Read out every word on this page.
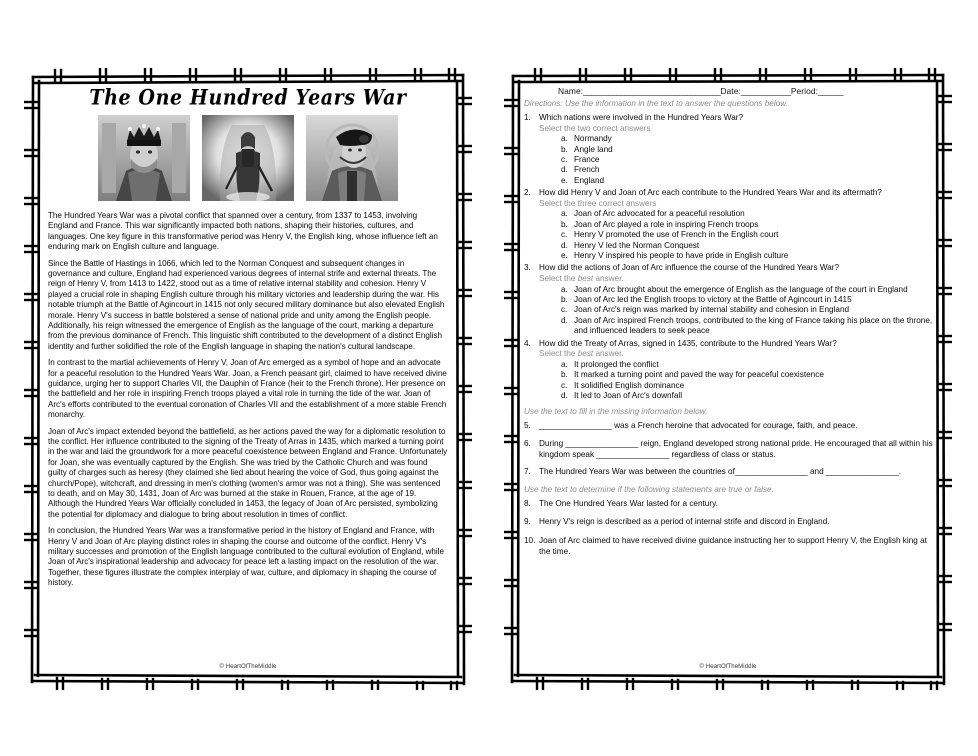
The One Hundred Years War

The Hundred Years War was a pivotal conflict that spanned over a century, from 1337 to 1453, involving England and France. This war significantly impacted both nations, shaping their histories, cultures, and languages. One key figure in this transformative period was Henry V, the English king, whose influence left an enduring mark on English culture and language.

Since the Battle of Hastings in 1066, which led to the Norman Conquest and subsequent changes in governance and culture, England had experienced various degrees of internal strife and external threats. The reign of Henry V, from 1413 to 1422, stood out as a time of relative internal stability and cohesion. Henry V played a crucial role in shaping English culture through his military victories and leadership during the war. His notable triumph at the Battle of Agincourt in 1415 not only secured military dominance but also elevated English morale. Henry V's success in battle bolstered a sense of national pride and unity among the English people. Additionally, his reign witnessed the emergence of English as the language of the court, marking a departure from the previous dominance of French. This linguistic shift contributed to the development of a distinct English identity and further solidified the role of the English language in shaping the nation's cultural landscape.

In contrast to the martial achievements of Henry V, Joan of Arc emerged as a symbol of hope and an advocate for a peaceful resolution to the Hundred Years War. Joan, a French peasant girl, claimed to have received divine guidance, urging her to support Charles VII, the Dauphin of France (heir to the French throne). Her presence on the battlefield and her role in inspiring French troops played a vital role in turning the tide of the war. Joan of Arc's efforts contributed to the eventual coronation of Charles VII and the establishment of a more stable French monarchy.

Joan of Arc's impact extended beyond the battlefield, as her actions paved the way for a diplomatic resolution to the conflict. Her influence contributed to the signing of the Treaty of Arras in 1435, which marked a turning point in the war and laid the groundwork for a more peaceful coexistence between England and France. Unfortunately for Joan, she was eventually captured by the English. She was tried by the Catholic Church and was found guilty of charges such as heresy (they claimed she lied about hearing the voice of God, thus going against the church/Pope), witchcraft, and dressing in men's clothing (women's armor was not a thing). She was sentenced to death, and on May 30, 1431, Joan of Arc was burned at the stake in Rouen, France, at the age of 19. Although the Hundred Years War officially concluded in 1453, the legacy of Joan of Arc persisted, symbolizing the potential for diplomacy and dialogue to bring about resolution in times of conflict.

In conclusion, the Hundred Years War was a transformative period in the history of England and France, with Henry V and Joan of Arc playing distinct roles in shaping the course and outcome of the conflict. Henry V's military successes and promotion of the English language contributed to the cultural evolution of England, while Joan of Arc's inspirational leadership and advocacy for peace left a lasting impact on the resolution of the war. Together, these figures illustrate the complex interplay of war, culture, and diplomacy in shaping the course of history.

© HeartOfTheMiddle
Name:_________________________________Date:____________Period:______
Directions: Use the information in the text to answer the questions below.
1. Which nations were involved in the Hundred Years War?
Select the two correct answers
a. Normandy
b. Angle land
c. France
d. French
e. England
2. How did Henry V and Joan of Arc each contribute to the Hundred Years War and its aftermath?
Select the three correct answers
a. Joan of Arc advocated for a peaceful resolution
b. Joan of Arc played a role in inspiring French troops
c. Henry V promoted the use of French in the English court
d. Henry V led the Norman Conquest
e. Henry V inspired his people to have pride in English culture
3. How did the actions of Joan of Arc influence the course of the Hundred Years War?
Select the best answer.
a. Joan of Arc brought about the emergence of English as the language of the court in England
b. Joan of Arc led the English troops to victory at the Battle of Agincourt in 1415
c. Joan of Arc's reign was marked by internal stability and cohesion in England
d. Joan of Arc inspired French troops, contributed to the king of France taking his place on the throne, and influenced leaders to seek peace
4. How did the Treaty of Arras, signed in 1435, contribute to the Hundred Years War?
Select the best answer.
a. It prolonged the conflict
b. It marked a turning point and paved the way for peaceful coexistence
c. It solidified English dominance
d. It led to Joan of Arc's downfall
Use the text to fill in the missing information below.
5. ________________ was a French heroine that advocated for courage, faith, and peace.
6. During ________________ reign, England developed strong national pride. He encouraged that all within his kingdom speak ________________ regardless of class or status.
7. The Hundred Years War was between the countries of________________ and ________________.
Use the text to determine if the following statements are true or false.
8. The One Hundred Years War lasted for a century.
9. Henry V's reign is described as a period of internal strife and discord in England.
10. Joan of Arc claimed to have received divine guidance instructing her to support Henry V, the English king at the time.
© HeartOfTheMiddle
